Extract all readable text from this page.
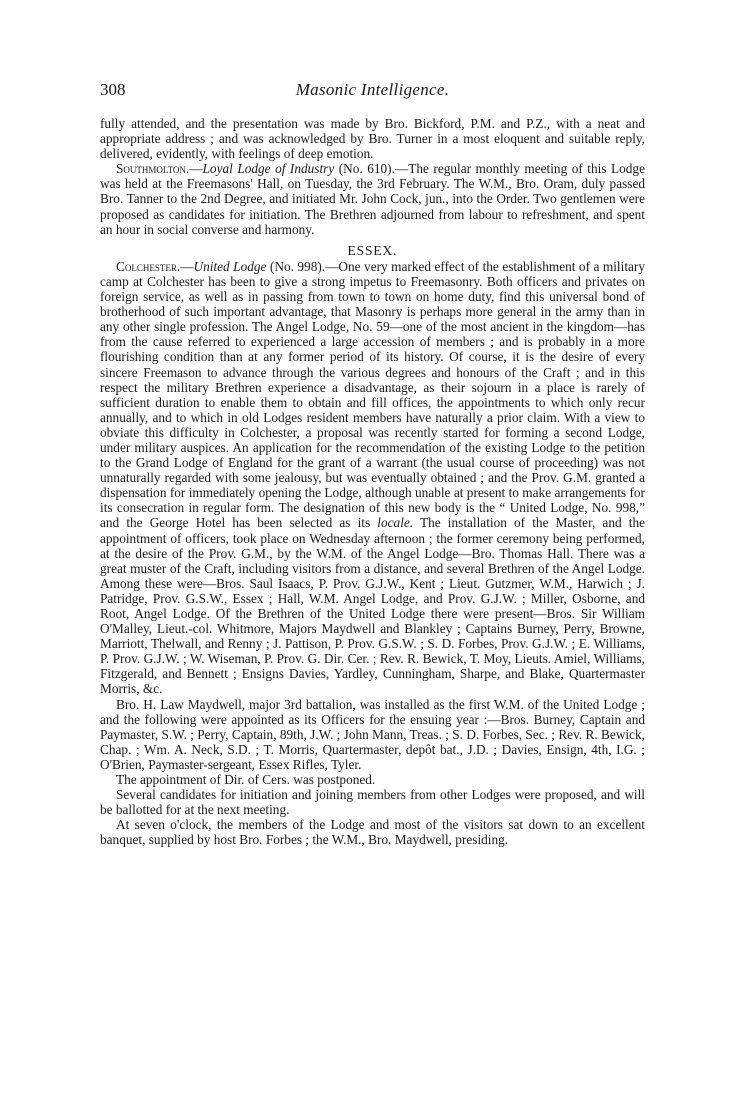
308	Masonic Intelligence.

fully attended, and the presentation was made by Bro. Bickford, P.M. and P.Z., with a neat and appropriate address ; and was acknowledged by Bro. Turner in a most eloquent and suitable reply, delivered, evidently, with feelings of deep emotion.

Southmolton.—Loyal Lodge of Industry (No. 610).—The regular monthly meeting of this Lodge was held at the Freemasons' Hall, on Tuesday, the 3rd February. The W.M., Bro. Oram, duly passed Bro. Tanner to the 2nd Degree, and initiated Mr. John Cock, jun., into the Order. Two gentlemen were proposed as candidates for initiation. The Brethren adjourned from labour to refreshment, and spent an hour in social converse and harmony.

ESSEX.

Colchester.—United Lodge (No. 998).—One very marked effect of the establishment of a military camp at Colchester has been to give a strong impetus to Freemasonry. Both officers and privates on foreign service, as well as in passing from town to town on home duty, find this universal bond of brotherhood of such important advantage, that Masonry is perhaps more general in the army than in any other single profession. The Angel Lodge, No. 59—one of the most ancient in the kingdom—has from the cause referred to experienced a large accession of members ; and is probably in a more flourishing condition than at any former period of its history. Of course, it is the desire of every sincere Freemason to advance through the various degrees and honours of the Craft ; and in this respect the military Brethren experience a disadvantage, as their sojourn in a place is rarely of sufficient duration to enable them to obtain and fill offices, the appointments to which only recur annually, and to which in old Lodges resident members have naturally a prior claim. With a view to obviate this difficulty in Colchester, a proposal was recently started for forming a second Lodge, under military auspices. An application for the recommendation of the existing Lodge to the petition to the Grand Lodge of England for the grant of a warrant (the usual course of proceeding) was not unnaturally regarded with some jealousy, but was eventually obtained ; and the Prov. G.M. granted a dispensation for immediately opening the Lodge, although unable at present to make arrangements for its consecration in regular form. The designation of this new body is the “ United Lodge, No. 998,” and the George Hotel has been selected as its locale. The installation of the Master, and the appointment of officers, took place on Wednesday afternoon ; the former ceremony being performed, at the desire of the Prov. G.M., by the W.M. of the Angel Lodge—Bro. Thomas Hall. There was a great muster of the Craft, including visitors from a distance, and several Brethren of the Angel Lodge. Among these were—Bros. Saul Isaacs, P. Prov. G.J.W., Kent ; Lieut. Gutzmer, W.M., Harwich ; J. Patridge, Prov. G.S.W., Essex ; Hall, W.M. Angel Lodge, and Prov. G.J.W. ; Miller, Osborne, and Root, Angel Lodge. Of the Brethren of the United Lodge there were present—Bros. Sir William O'Malley, Lieut.-col. Whitmore, Majors Maydwell and Blankley ; Captains Burney, Perry, Browne, Marriott, Thelwall, and Renny ; J. Pattison, P. Prov. G.S.W. ; S. D. Forbes, Prov. G.J.W. ; E. Williams, P. Prov. G.J.W. ; W. Wiseman, P. Prov. G. Dir. Cer. ; Rev. R. Bewick, T. Moy, Lieuts. Amiel, Williams, Fitzgerald, and Bennett ; Ensigns Davies, Yardley, Cunningham, Sharpe, and Blake, Quartermaster Morris, &c.

Bro. H. Law Maydwell, major 3rd battalion, was installed as the first W.M. of the United Lodge ; and the following were appointed as its Officers for the ensuing year :—Bros. Burney, Captain and Paymaster, S.W. ; Perry, Captain, 89th, J.W. ; John Mann, Treas. ; S. D. Forbes, Sec. ; Rev. R. Bewick, Chap. ; Wm. A. Neck, S.D. ; T. Morris, Quartermaster, depôt bat., J.D. ; Davies, Ensign, 4th, I.G. ; O'Brien, Paymaster-sergeant, Essex Rifles, Tyler.

The appointment of Dir. of Cers. was postponed.

Several candidates for initiation and joining members from other Lodges were proposed, and will be ballotted for at the next meeting.

At seven o'clock, the members of the Lodge and most of the visitors sat down to an excellent banquet, supplied by host Bro. Forbes ; the W.M., Bro. Maydwell, presiding.
